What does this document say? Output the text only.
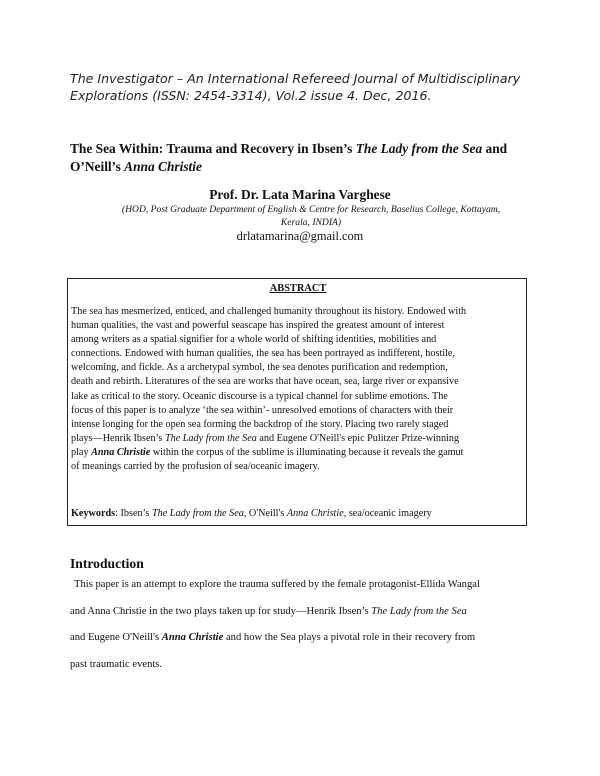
The Investigator – An International Refereed Journal of Multidisciplinary
Explorations (ISSN: 2454-3314), Vol.2 issue 4. Dec, 2016.
The Sea Within: Trauma and Recovery in Ibsen’s The Lady from the Sea and O’Neill’s Anna Christie
Prof. Dr. Lata Marina Varghese
(HOD, Post Graduate Department of English & Centre for Research, Baselius College, Kottayam,
Kerala, INDIA)
drlatamarina@gmail.com
ABSTRACT
The sea has mesmerized, enticed, and challenged humanity throughout its history. Endowed with
human qualities, the vast and powerful seascape has inspired the greatest amount of interest
among writers as a spatial signifier for a whole world of shifting identities, mobilities and
connections. Endowed with human qualities, the sea has been portrayed as indifferent, hostile,
welcoming, and fickle. As a archetypal symbol, the sea denotes purification and redemption,
death and rebirth. Literatures of the sea are works that have ocean, sea, large river or expansive
lake as critical to the story. Oceanic discourse is a typical channel for sublime emotions. The
focus of this paper is to analyze ‘the sea within’- unresolved emotions of characters with their
intense longing for the open sea forming the backdrop of the story. Placing two rarely staged
plays—Henrik Ibsen’s The Lady from the Sea and Eugene O'Neill's epic Pulitzer Prize-winning
play Anna Christie within the corpus of the sublime is illuminating because it reveals the gamut
of meanings carried by the profusion of sea/oceanic imagery.
Keywords: Ibsen’s The Lady from the Sea, O'Neill's Anna Christie, sea/oceanic imagery
Introduction
This paper is an attempt to explore the trauma suffered by the female protagonist-Ellida Wangal
and Anna Christie in the two plays taken up for study—Henrik Ibsen’s The Lady from the Sea
and Eugene O'Neill's Anna Christie and how the Sea plays a pivotal role in their recovery from
past traumatic events.
